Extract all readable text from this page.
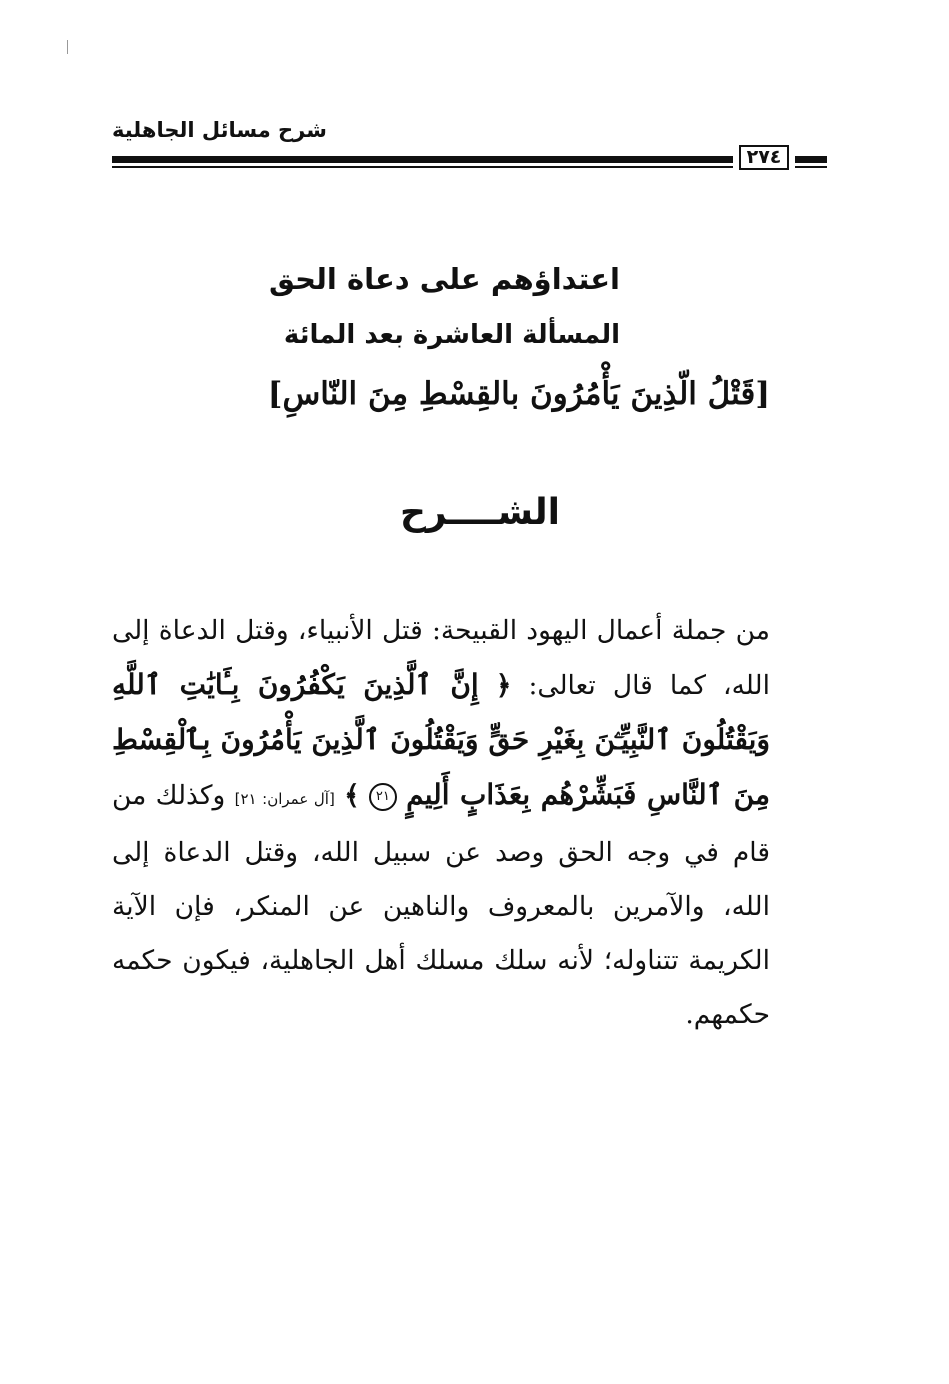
شرح مسائل الجاهلية
٢٧٤
اعتداؤهم على دعاة الحق
المسألة العاشرة بعد المائة
[قَتْلُ الّذِينَ يَأْمُرُونَ بالقِسْطِ مِنَ النّاسِ]
الشــــرح

من جملة أعمال اليهود القبيحة: قتل الأنبياء، وقتل الدعاة إلى الله، كما قال تعالى: ﴿ إِنَّ ٱلَّذِينَ يَكْفُرُونَ بِـَٔايَٰتِ ٱللَّهِ وَيَقْتُلُونَ ٱلنَّبِيِّـۧنَ بِغَيْرِ حَقٍّ وَيَقْتُلُونَ ٱلَّذِينَ يَأْمُرُونَ بِٱلْقِسْطِ مِنَ ٱلنَّاسِ فَبَشِّرْهُم بِعَذَابٍ أَلِيمٍ ٢١ ﴾ [آل عمران: ٢١] وكذلك من قام في وجه الحق وصد عن سبيل الله، وقتل الدعاة إلى الله، والآمرين بالمعروف والناهين عن المنكر، فإن الآية الكريمة تتناوله؛ لأنه سلك مسلك أهل الجاهلية، فيكون حكمه حكمهم.
